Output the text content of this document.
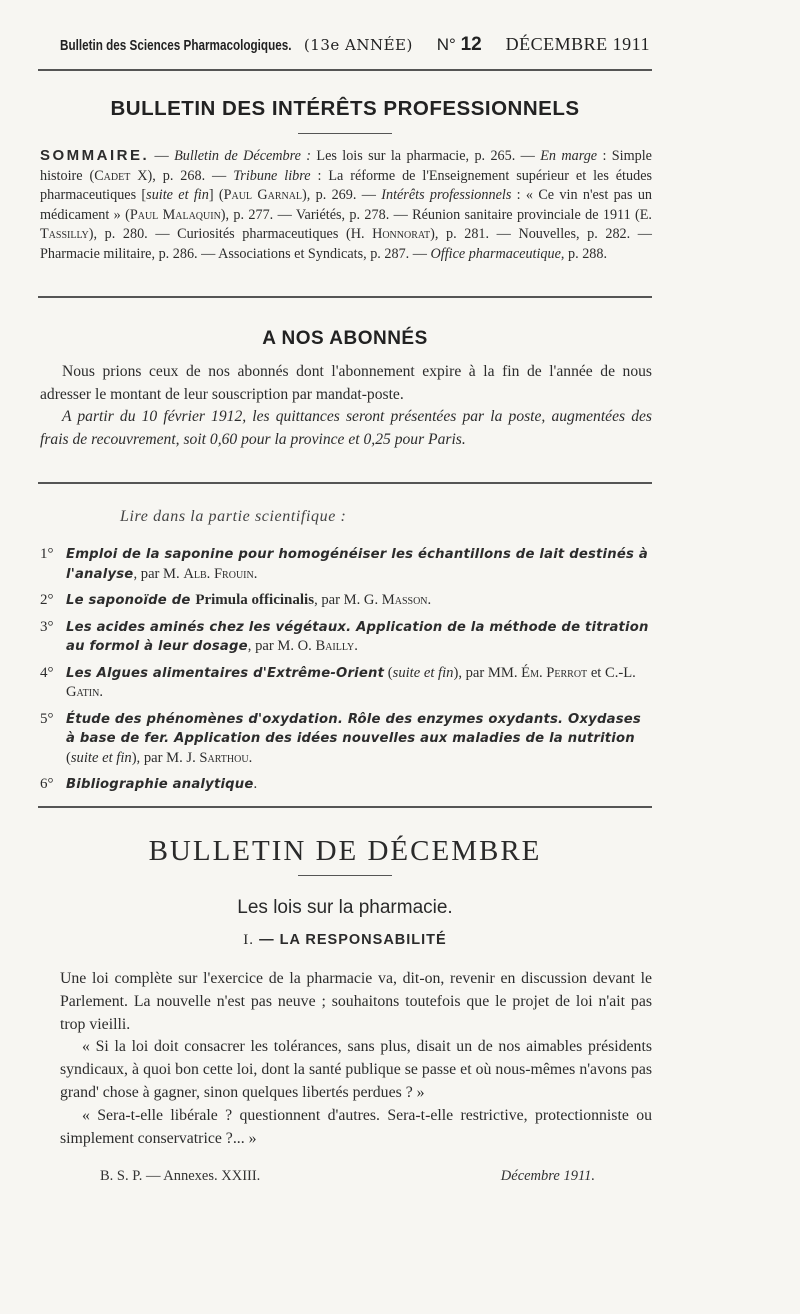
Bulletin des Sciences Pharmacologiques. (13e ANNÉE) N° 12 DÉCEMBRE 1911
BULLETIN DES INTÉRÊTS PROFESSIONNELS
SOMMAIRE. — Bulletin de Décembre : Les lois sur la pharmacie, p. 265. — En marge : Simple histoire (Cadet X), p. 268. — Tribune libre : La réforme de l'Enseignement supérieur et les études pharmaceutiques [suite et fin] (Paul Garnal), p. 269. — Intérêts professionnels : « Ce vin n'est pas un médicament » (Paul Malaquin), p. 277. — Variétés, p. 278. — Réunion sanitaire provinciale de 1911 (E. Tassilly), p. 280. — Curiosités pharmaceutiques (H. Honnorat), p. 281. — Nouvelles, p. 282. — Pharmacie militaire, p. 286. — Associations et Syndicats, p. 287. — Office pharmaceutique, p. 288.
A NOS ABONNÉS

Nous prions ceux de nos abonnés dont l'abonnement expire à la fin de l'année de nous adresser le montant de leur souscription par mandat-poste.

A partir du 10 février 1912, les quittances seront présentées par la poste, augmentées des frais de recouvrement, soit 0,60 pour la province et 0,25 pour Paris.

Lire dans la partie scientifique :
1° Emploi de la saponine pour homogénéiser les échantillons de lait destinés à l'analyse, par M. Alb. Frouin.
2° Le saponoïde de Primula officinalis, par M. G. Masson.
3° Les acides aminés chez les végétaux. Application de la méthode de titration au formol à leur dosage, par M. O. Bailly.
4° Les Algues alimentaires d'Extrême-Orient (suite et fin), par MM. Ém. Perrot et C.-L. Gatin.
5° Étude des phénomènes d'oxydation. Rôle des enzymes oxydants. Oxydases à base de fer. Application des idées nouvelles aux maladies de la nutrition (suite et fin), par M. J. Sarthou.
6° Bibliographie analytique.
BULLETIN DE DÉCEMBRE
Les lois sur la pharmacie.
I. — LA RESPONSABILITÉ

Une loi complète sur l'exercice de la pharmacie va, dit-on, revenir en discussion devant le Parlement. La nouvelle n'est pas neuve ; souhaitons toutefois que le projet de loi n'ait pas trop vieilli.

« Si la loi doit consacrer les tolérances, sans plus, disait un de nos aimables présidents syndicaux, à quoi bon cette loi, dont la santé publique se passe et où nous-mêmes n'avons pas grand' chose à gagner, sinon quelques libertés perdues ? »

« Sera-t-elle libérale ? questionnent d'autres. Sera-t-elle restrictive, protectionniste ou simplement conservatrice ?... »

B. S. P. — Annexes. XXIII.	Décembre 1911.
